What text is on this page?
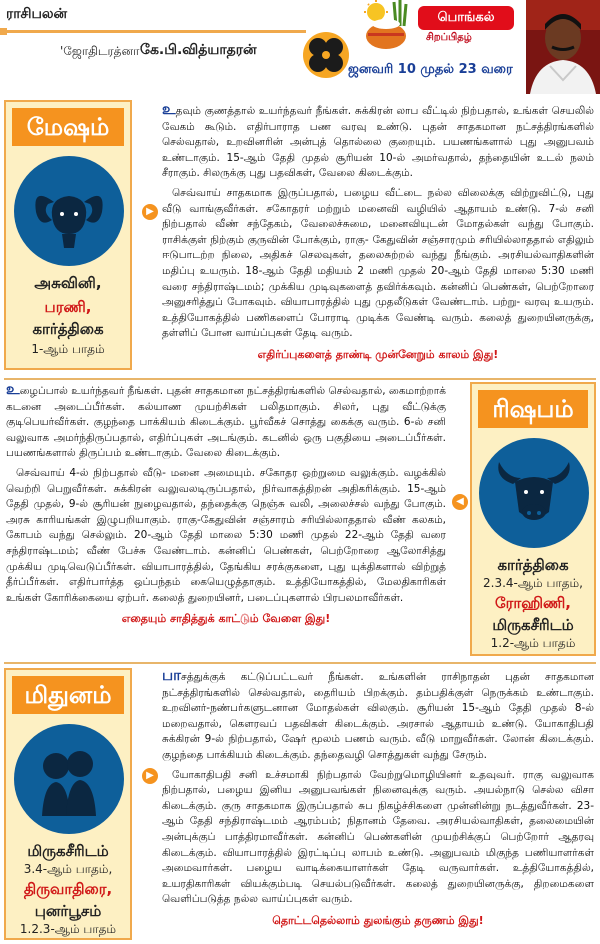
ராசிபலன்
'ஜோதிடரத்னா'
கே.பி.வித்யாதரன்
பொங்கல்
சிறப்பிதழ்
ஜனவரி 10 முதல் 23 வரை
மேஷம்
அசுவினி,
பரணி,
கார்த்திகை
1-ஆம் பாதம்
▶

உதவும் குணத்தால் உயர்ந்தவர் நீங்கள். சுக்கிரன் லாப வீட்டில் நிற்பதால், உங்கள் செயலில் வேகம் கூடும். எதிர்பாராத பண வரவு உண்டு. புதன் சாதகமான நட்சத்திரங்களில் செல்வதால், உறவினரின் அன்புத் தொல்லை குறையும். பயணங்களால் புது அனுபவம் உண்டாகும். 15-ஆம் தேதி முதல் சூரியன் 10-ல் அமர்வதால், தந்தையின் உடல் நலம் சீராகும். சிலருக்கு புது பதவிகள், வேலை கிடைக்கும்.

செவ்வாய் சாதகமாக இருப்பதால், பழைய வீட்டை நல்ல விலைக்கு விற்றுவிட்டு, புது வீடு வாங்குவீர்கள். சகோதரர் மற்றும் மனைவி வழியில் ஆதாயம் உண்டு. 7-ல் சனி நிற்பதால் வீண் சந்தேகம், வேலைச்சுமை, மனைவியுடன் மோதல்கள் வந்து போகும். ராசிக்குள் நிற்கும் குருவின் போக்கும், ராகு- கேதுவின் சஞ்சாரமும் சரியில்லாததால் எதிலும் ஈடுபாடற்ற நிலை, அதிகச் செலவுகள், தலைசுற்றல் வந்து நீங்கும். அரசியல்வாதிகளின் மதிப்பு உயரும். 18-ஆம் தேதி மதியம் 2 மணி முதல் 20-ஆம் தேதி மாலை 5:30 மணி வரை சந்திராஷ்டமம்; முக்கிய முடிவுகளைத் தவிர்க்கவும். கன்னிப் பெண்கள், பெற்றோரை அனுசரித்துப் போகவும். வியாபாரத்தில் புது முதலீடுகள் வேண்டாம். பற்று- வரவு உயரும். உத்தியோகத்தில் பணிகளைப் போராடி முடிக்க வேண்டி வரும். கலைத் துறையினருக்கு, தள்ளிப் போன வாய்ப்புகள் தேடி வரும்.

எதிர்ப்புகளைத் தாண்டி முன்னேறும் காலம் இது!

உழைப்பால் உயர்ந்தவர் நீங்கள். புதன் சாதகமான நட்சத்திரங்களில் செல்வதால், கைமாற்றாக் கடனை அடைப்பீர்கள். கல்யாண முயற்சிகள் பலிதமாகும். சிலர், புது வீட்டுக்கு குடிபெயர்வீர்கள். குழந்தை பாக்கியம் கிடைக்கும். பூர்வீகச் சொத்து கைக்கு வரும். 6-ல் சனி வலுவாக அமர்ந்திருப்பதால், எதிர்ப்புகள் அடங்கும். கடனில் ஒரு பகுதியை அடைப்பீர்கள். பயணங்களால் திருப்பம் உண்டாகும். வேலை கிடைக்கும்.

செவ்வாய் 4-ல் நிற்பதால் வீடு- மனை அமையும். சகோதர ஒற்றுமை வலுக்கும். வழக்கில் வெற்றி பெறுவீர்கள். சுக்கிரன் வலுவலடிருப்பதால், நிர்வாகத்திறன் அதிகரிக்கும். 15-ஆம் தேதி முதல், 9-ல் சூரியன் நுழைவதால், தந்தைக்கு நெஞ்சு வலி, அலைச்சல் வந்து போகும். அரசு காரியங்கள் இழுபறியாகும். ராகு-கேதுவின் சஞ்சாரம் சரியில்லாததால் வீண் கலகம், கோபம் வந்து செல்லும். 20-ஆம் தேதி மாலை 5:30 மணி முதல் 22-ஆம் தேதி வரை சந்திராஷ்டமம்; வீண் பேச்சு வேண்டாம். கன்னிப் பெண்கள், பெற்றோரை ஆலோசித்து முக்கிய முடிவெடுப்பீர்கள். வியாபாரத்தில், தேங்கிய சரக்குகளை, புது யுக்திகளால் விற்றுத் தீர்ப்பீர்கள். எதிர்பார்த்த ஒப்பந்தம் கையெழுத்தாகும். உத்தியோகத்தில், மேலதிகாரிகள் உங்கள் கோரிக்கையை ஏற்பர். கலைத் துறையினர், படைப்புகளால் பிரபலமாவீர்கள்.

எதையும் சாதித்துக் காட்டும் வேளை இது!
◀
ரிஷபம்
கார்த்திகை
2.3.4-ஆம் பாதம்,
ரோஹிணி,
மிருகசீரிடம்
1.2-ஆம் பாதம்
மிதுனம்
மிருகசீரிடம்
3.4-ஆம் பாதம்,
திருவாதிரை,
புனர்பூசம்
1.2.3-ஆம் பாதம்
▶

பாசத்துக்குக் கட்டுப்பட்டவர் நீங்கள். உங்களின் ராசிநாதன் புதன் சாதகமான நட்சத்திரங்களில் செல்வதால், தைரியம் பிறக்கும். தம்பதிக்குள் நெருக்கம் உண்டாகும். உறவினர்-நண்பர்களுடனான மோதல்கள் விலகும். சூரியன் 15-ஆம் தேதி முதல் 8-ல் மறைவதால், கௌரவப் பதவிகள் கிடைக்கும். அரசால் ஆதாயம் உண்டு. யோகாதிபதி சுக்கிரன் 9-ல் நிற்பதால், ஷேர் மூலம் பணம் வரும். வீடு மாறுவீர்கள். லோன் கிடைக்கும். குழந்தை பாக்கியம் கிடைக்கும். தந்தைவழி சொத்துகள் வந்து சேரும்.

யோகாதிபதி சனி உச்சமாகி நிற்பதால் வேற்றுமொழியினர் உதவுவர். ராகு வலுவாக நிற்பதால், பழைய இனிய அனுபவங்கள் நினைவுக்கு வரும். அயல்நாடு செல்ல விசா கிடைக்கும். குரு சாதகமாக இருப்பதால் சுப நிகழ்ச்சிகளை முன்னின்று நடத்துவீர்கள். 23-ஆம் தேதி சந்திராஷ்டமம் ஆரம்பம்; நிதானம் தேவை. அரசியல்வாதிகள், தலைமையின் அன்புக்குப் பாத்திரமாவீர்கள். கன்னிப் பெண்களின் முயற்சிக்குப் பெற்றோர் ஆதரவு கிடைக்கும். வியாபாரத்தில் இரட்டிப்பு லாபம் உண்டு. அனுபவம் மிகுந்த பணியாளர்கள் அமைவார்கள். பழைய வாடிக்கையாளர்கள் தேடி வருவார்கள். உத்தியோகத்தில், உயரதிகாரிகள் வியக்கும்படி செயல்படுவீர்கள். கலைத் துறையினருக்கு, திறமைகளை வெளிப்படுத்த நல்ல வாய்ப்புகள் வரும்.

தொட்டதெல்லாம் துலங்கும் தருணம் இது!
